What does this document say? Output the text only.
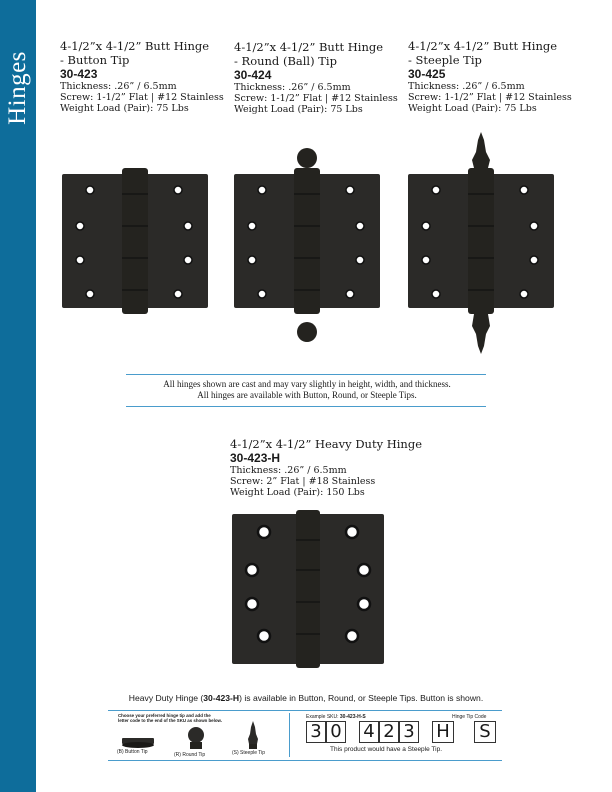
Hinges
4-1/2”x 4-1/2” Butt Hinge
- Button Tip
30-423
Thickness: .26” / 6.5mm
Screw: 1-1/2” Flat | #12 Stainless
Weight Load (Pair): 75 Lbs
4-1/2”x 4-1/2” Butt Hinge
- Round (Ball) Tip
30-424
Thickness: .26” / 6.5mm
Screw: 1-1/2” Flat | #12 Stainless
Weight Load (Pair): 75 Lbs
4-1/2”x 4-1/2” Butt Hinge
- Steeple Tip
30-425
Thickness: .26” / 6.5mm
Screw: 1-1/2” Flat | #12 Stainless
Weight Load (Pair): 75 Lbs
All hinges shown are cast and may vary slightly in height, width, and thickness.
All hinges are available with Button, Round, or Steeple Tips.
4-1/2”x 4-1/2” Heavy Duty Hinge
30-423-H
Thickness: .26” / 6.5mm
Screw: 2” Flat | #18 Stainless
Weight Load (Pair): 150 Lbs
Heavy Duty Hinge (30-423-H) is available in Button, Round, or Steeple Tips. Button is shown.
Choose your preferred hinge tip and add the
letter code to the end of the SKU as shown below.
(B) Button Tip	(R) Round Tip	(S) Steeple Tip
Example SKU: 30-423-H-S	Hinge Tip Code
3 0 4 2 3 H S
This product would have a Steeple Tip.
